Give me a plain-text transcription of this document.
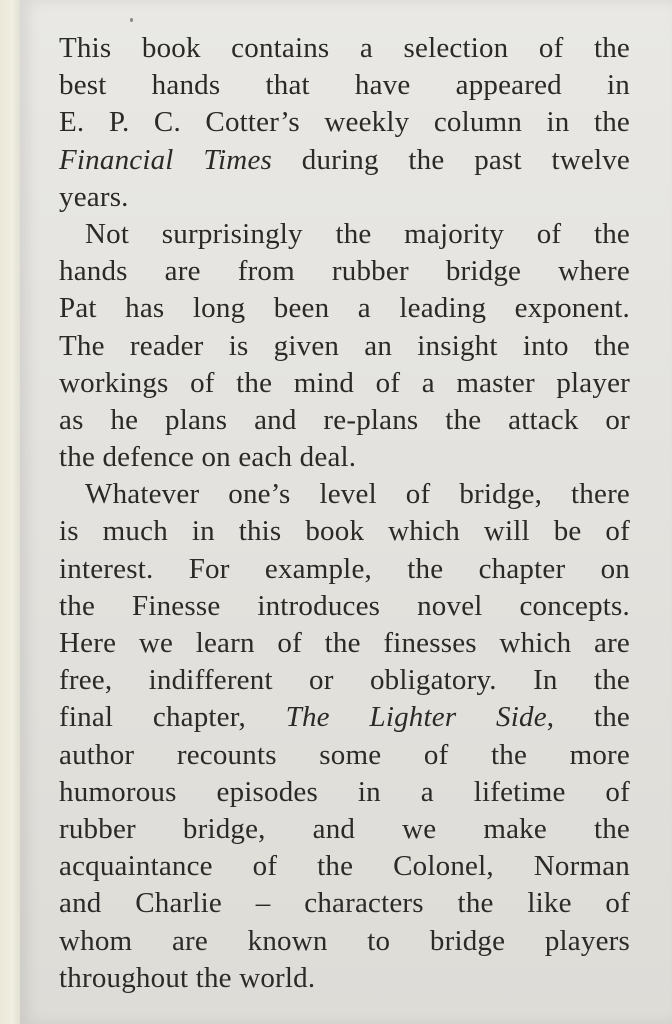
This book contains a selection of the
best hands that have appeared in
E. P. C. Cotter’s weekly column in the
Financial Times during the past twelve
years.
Not surprisingly the majority of the
hands are from rubber bridge where
Pat has long been a leading exponent.
The reader is given an insight into the
workings of the mind of a master player
as he plans and re-plans the attack or
the defence on each deal.
Whatever one’s level of bridge, there
is much in this book which will be of
interest. For example, the chapter on
the Finesse introduces novel concepts.
Here we learn of the finesses which are
free, indifferent or obligatory. In the
final chapter, The Lighter Side, the
author recounts some of the more
humorous episodes in a lifetime of
rubber bridge, and we make the
acquaintance of the Colonel, Norman
and Charlie – characters the like of
whom are known to bridge players
throughout the world.
